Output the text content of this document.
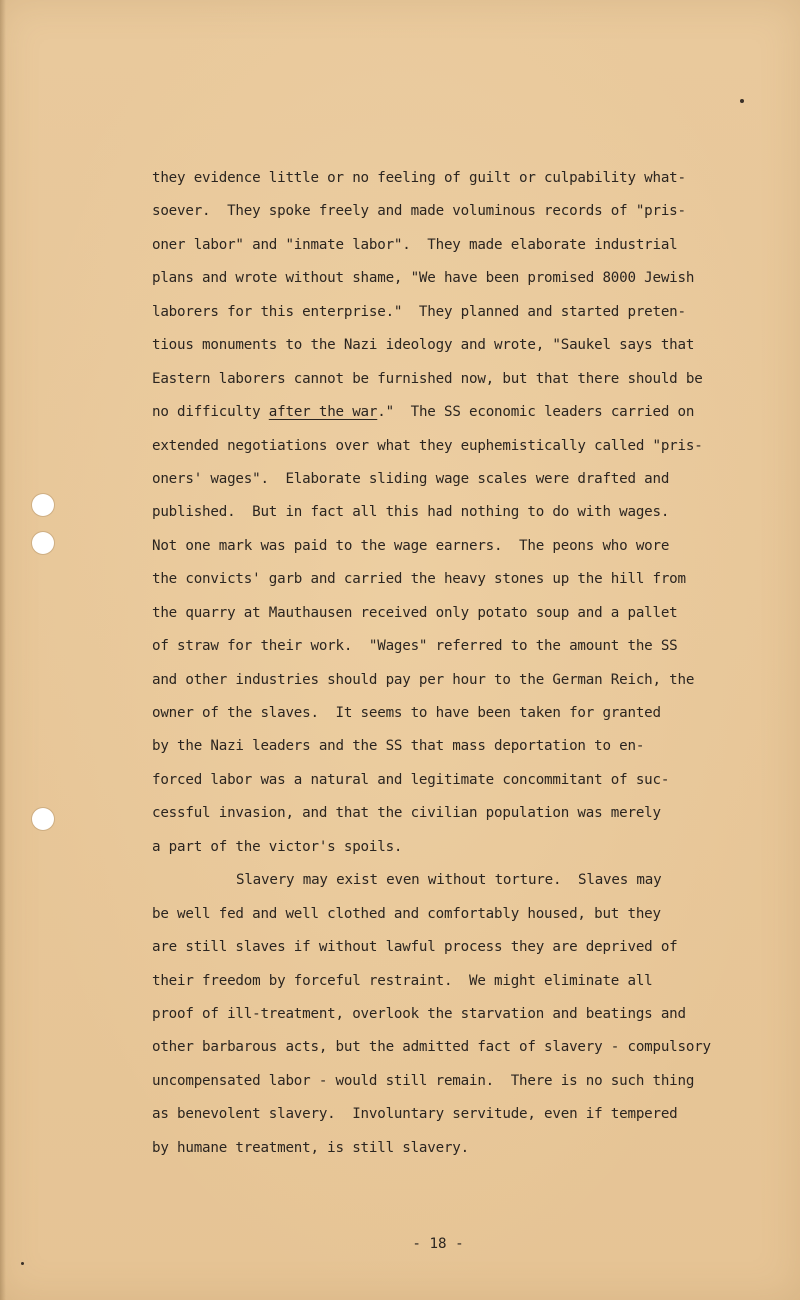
they evidence little or no feeling of guilt or culpability what-
soever.  They spoke freely and made voluminous records of "pris-
oner labor" and "inmate labor".  They made elaborate industrial
plans and wrote without shame, "We have been promised 8000 Jewish
laborers for this enterprise."  They planned and started preten-
tious monuments to the Nazi ideology and wrote, "Saukel says that
Eastern laborers cannot be furnished now, but that there should be
no difficulty after the war."  The SS economic leaders carried on
extended negotiations over what they euphemistically called "pris-
oners' wages".  Elaborate sliding wage scales were drafted and
published.  But in fact all this had nothing to do with wages.
Not one mark was paid to the wage earners.  The peons who wore
the convicts' garb and carried the heavy stones up the hill from
the quarry at Mauthausen received only potato soup and a pallet
of straw for their work.  "Wages" referred to the amount the SS
and other industries should pay per hour to the German Reich, the
owner of the slaves.  It seems to have been taken for granted
by the Nazi leaders and the SS that mass deportation to en-
forced labor was a natural and legitimate concommitant of suc-
cessful invasion, and that the civilian population was merely
a part of the victor's spoils.
Slavery may exist even without torture.  Slaves may
be well fed and well clothed and comfortably housed, but they
are still slaves if without lawful process they are deprived of
their freedom by forceful restraint.  We might eliminate all
proof of ill-treatment, overlook the starvation and beatings and
other barbarous acts, but the admitted fact of slavery - compulsory
uncompensated labor - would still remain.  There is no such thing
as benevolent slavery.  Involuntary servitude, even if tempered
by humane treatment, is still slavery.
- 18 -
